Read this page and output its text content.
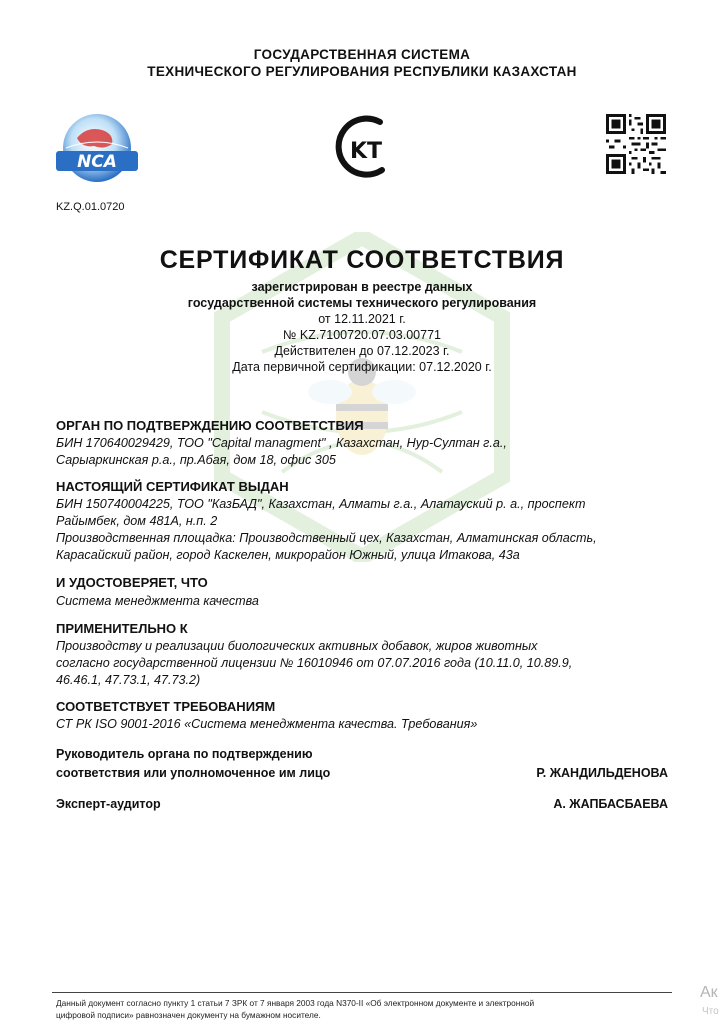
ГОСУДАРСТВЕННАЯ СИСТЕМА
ТЕХНИЧЕСКОГО РЕГУЛИРОВАНИЯ РЕСПУБЛИКИ КАЗАХСТАН
NCA	KT
KZ.Q.01.0720
СЕРТИФИКАТ СООТВЕТСТВИЯ
зарегистрирован в реестре данных
государственной системы технического регулирования
от 12.11.2021 г.
№ KZ.7100720.07.03.00771
Действителен до 07.12.2023 г.
Дата первичной сертификации: 07.12.2020 г.
ОРГАН ПО ПОДТВЕРЖДЕНИЮ СООТВЕТСТВИЯ
БИН 170640029429, ТОО "Capital managment" , Казахстан, Нур-Султан г.а.,
Сарыаркинская р.а., пр.Абая, дом 18, офис 305
НАСТОЯЩИЙ СЕРТИФИКАТ ВЫДАН
БИН 150740004225, ТОО "КазБАД", Казахстан, Алматы г.а., Алатауский р. а., проспект
Райымбек, дом 481А, н.п. 2
Производственная площадка: Производственный цех, Казахстан, Алматинская область,
Карасайский район, город Каскелен, микрорайон Южный, улица Итакова, 43а
И УДОСТОВЕРЯЕТ, ЧТО
Система менеджмента качества
ПРИМЕНИТЕЛЬНО К
Производству и реализации биологических активных добавок, жиров животных
согласно государственной лицензии № 16010946 от 07.07.2016 года (10.11.0, 10.89.9,
46.46.1, 47.73.1, 47.73.2)
СООТВЕТСТВУЕТ ТРЕБОВАНИЯМ
СТ РК ISO 9001-2016 «Система менеджмента качества. Требования»
Руководитель органа по подтверждению
соответствия или уполномоченное им лицо	Р. ЖАНДИЛЬДЕНОВА
Эксперт-аудитор	А. ЖАПБАСБАЕВА
Данный документ согласно пункту 1 статьи 7 ЗРК от 7 января 2003 года N370-II «Об электронном документе и электронной
цифровой подписи» равнозначен документу на бумажном носителе.
Ак
Что
